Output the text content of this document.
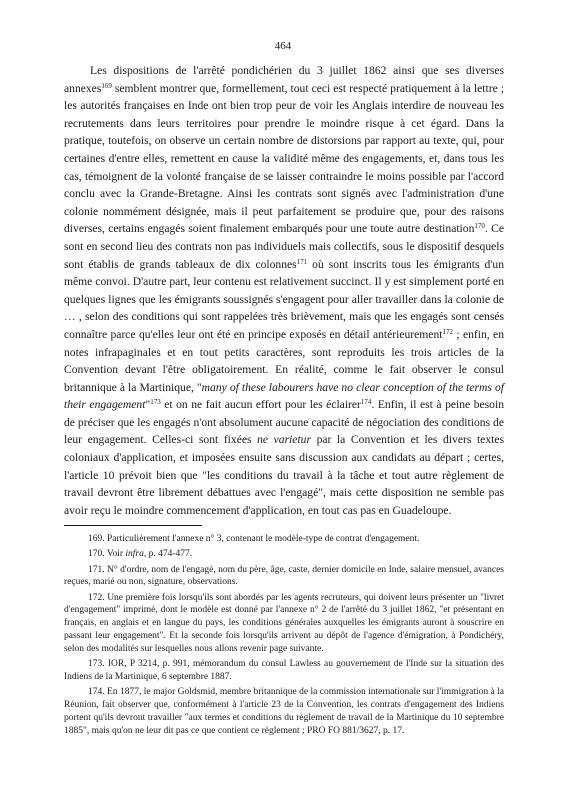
464

Les dispositions de l'arrêté pondichérien du 3 juillet 1862 ainsi que ses diverses annexes$^{169}$ semblent montrer que, formellement, tout ceci est respecté pratiquement à la lettre ; les autorités françaises en Inde ont bien trop peur de voir les Anglais interdire de nouveau les recrutements dans leurs territoires pour prendre le moindre risque à cet égard. Dans la pratique, toutefois, on observe un certain nombre de distorsions par rapport au texte, qui, pour certaines d'entre elles, remettent en cause la validité même des engagements, et, dans tous les cas, témoignent de la volonté française de se laisser contraindre le moins possible par l'accord conclu avec la Grande-Bretagne. Ainsi les contrats sont signés avec l'administration d'une colonie nommément désignée, mais il peut parfaitement se produire que, pour des raisons diverses, certains engagés soient finalement embarqués pour une toute autre destination$^{170}$. Ce sont en second lieu des contrats non pas individuels mais collectifs, sous le dispositif desquels sont établis de grands tableaux de dix colonnes$^{171}$ où sont inscrits tous les émigrants d'un même convoi. D'autre part, leur contenu est relativement succinct. Il y est simplement porté en quelques lignes que les émigrants soussignés s'engagent pour aller travailler dans la colonie de … , selon des conditions qui sont rappelées très brièvement, mais que les engagés sont censés connaître parce qu'elles leur ont été en principe exposés en détail antérieurement$^{172}$ ; enfin, en notes infrapaginales et en tout petits caractères, sont reproduits les trois articles de la Convention devant l'être obligatoirement. En réalité, comme le fait observer le consul britannique à la Martinique, "many of these labourers have no clear conception of the terms of their engagement"$^{173}$ et on ne fait aucun effort pour les éclairer$^{174}$. Enfin, il est à peine besoin de préciser que les engagés n'ont absolument aucune capacité de négociation des conditions de leur engagement. Celles-ci sont fixées ne varietur par la Convention et les divers textes coloniaux d'application, et imposées ensuite sans discussion aux candidats au départ ; certes, l'article 10 prévoit bien que "les conditions du travail à la tâche et tout autre règlement de travail devront être librement débattues avec l'engagé", mais cette disposition ne semble pas avoir reçu le moindre commencement d'application, en tout cas pas en Guadeloupe.

169. Particulièrement l'annexe n° 3, contenant le modèle-type de contrat d'engagement.

170. Voir infra, p. 474-477.

171. N° d'ordre, nom de l'engagé, nom du père, âge, caste, dernier domicile en Inde, salaire mensuel, avances reçues, marié ou non, signature, observations.

172. Une première fois lorsqu'ils sont abordés par les agents recruteurs, qui doivent leurs présenter un "livret d'engagement" imprimé, dont le modèle est donné par l'annexe n° 2 de l'arrêté du 3 juillet 1862, "et présentant en français, en anglais et en langue du pays, les conditions générales auxquelles les émigrants auront à souscrire en passant leur engagement". Et la seconde fois lorsqu'ils arrivent au dépôt de l'agence d'émigration, à Pondichéry, selon des modalités sur lesquelles nous allons revenir page suivante.

173. IOR, P 3214, p. 991, mémorandum du consul Lawless au gouvernement de l'Inde sur la situation des Indiens de la Martinique, 6 septembre 1887.

174. En 1877, le major Goldsmid, membre britannique de la commission internationale sur l'immigration à la Réunion, fait observer que, conformément à l'article 23 de la Convention, les contrats d'engagement des Indiens portent qu'ils devront travailler "aux termes et conditions du règlement de travail de la Martinique du 10 septembre 1885", mais qu'on ne leur dit pas ce que contient ce règlement ; PRO FO 881/3627, p. 17.
